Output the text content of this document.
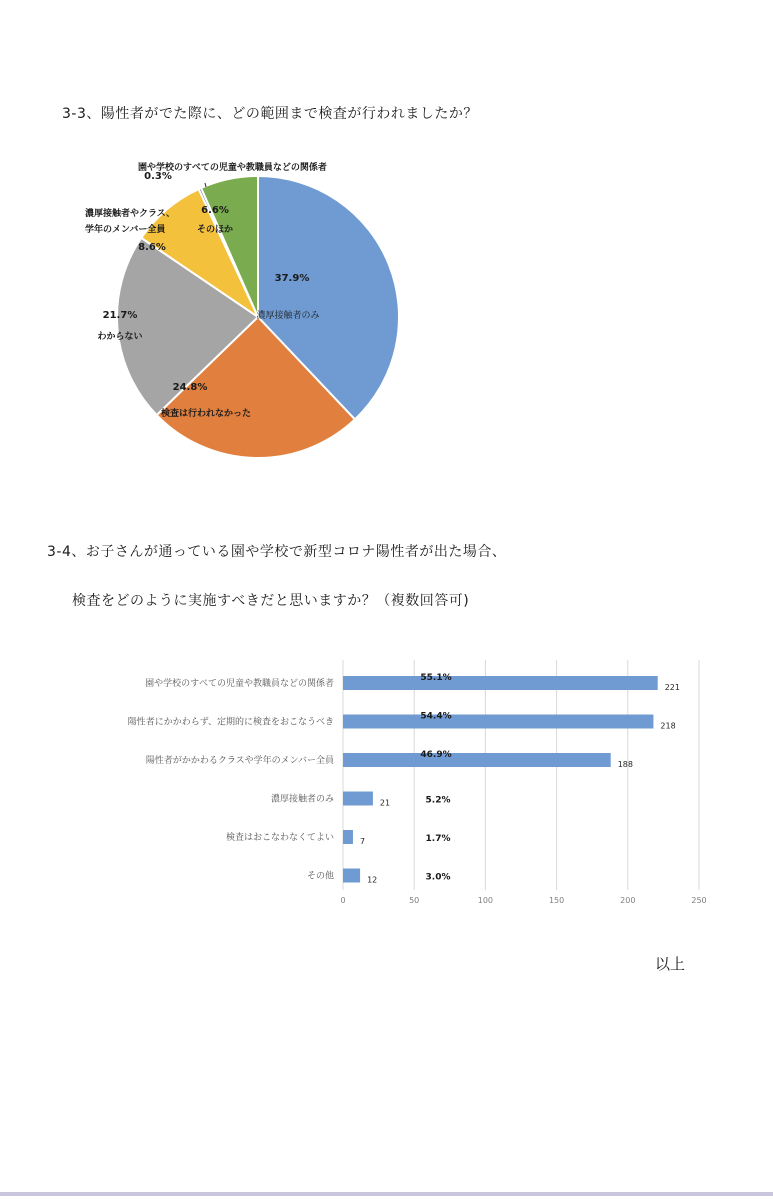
3-3、陽性者がでた際に、どの範囲まで検査が行われましたか？
37.9%
濃厚接触者のみ
24.8%
検査は行われなかった
21.7%
わからない
8.6%
0.3%
6.6%
そのほか
濃厚接触者やクラス、学年のメンバー全員
園や学校のすべての児童や教職員などの関係者
3-4、お子さんが通っている園や学校で新型コロナ陽性者が出た場合、
検査をどのように実施すべきだと思いますか？（複数回答可)
0	50	100	150	200	250
園や学校のすべての児童や教職員などの関係者	221
55.1%
陽性者にかかわらず、定期的に検査をおこなうべき	218
54.4%
陽性者がかかわるクラスや学年のメンバー全員	188
46.9%
濃厚接触者のみ	21	5.2%
検査はおこなわなくてよい	7	1.7%
その他	12	3.0%
以上
